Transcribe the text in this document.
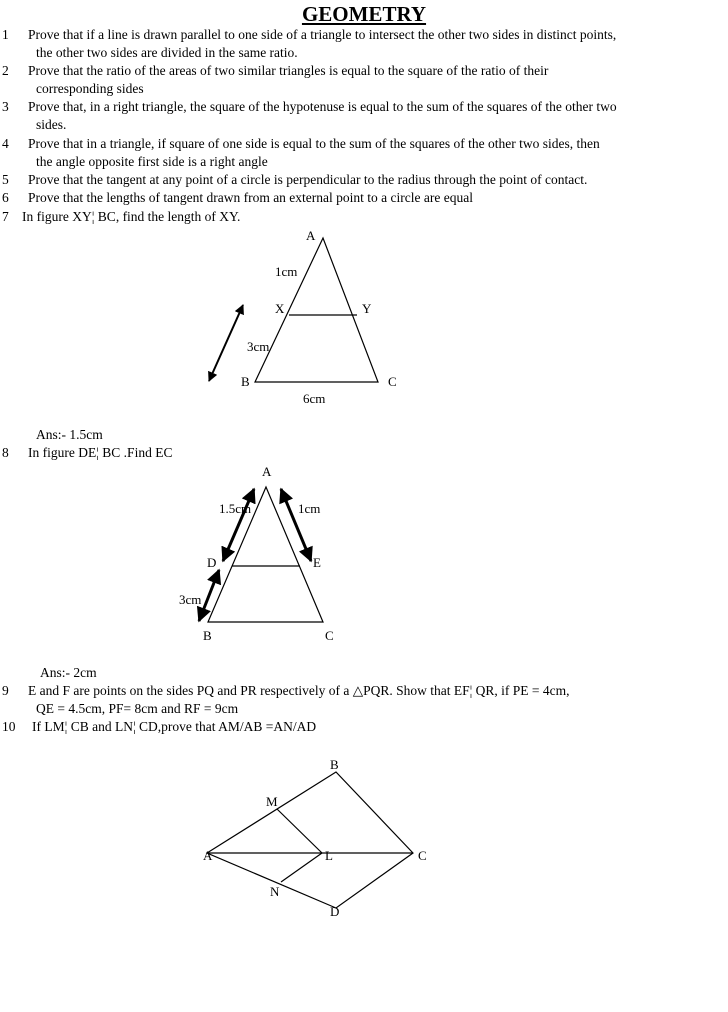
GEOMETRY
1 Prove that if a line is drawn parallel to one side of a triangle to intersect the other two sides in distinct points,
the other two sides are divided in the same ratio.
2 Prove that the ratio of the areas of two similar triangles is equal to the square of the ratio of their
corresponding sides
3 Prove that, in a right triangle, the square of the hypotenuse is equal to the sum of the squares of the other two
sides.
4 Prove that in a triangle, if square of one side is equal to the sum of the squares of the other two sides, then
the angle opposite first side is a right angle
5 Prove that the tangent at any point of a circle is perpendicular to the radius through the point of contact.
6 Prove that the lengths of tangent drawn from an external point to a circle are equal
7 In figure XY¦ BC, find the length of XY.
Ans:- 1.5cm
8 In figure DE¦ BC .Find EC
Ans:- 2cm
9 E and F are points on the sides PQ and PR respectively of a △PQR. Show that EF¦ QR, if PE = 4cm,
QE = 4.5cm, PF= 8cm and RF = 9cm
10 If LM¦ CB and LN¦ CD,prove that AM/AB =AN/AD
A
1cm
X	Y
3cm
B	C
6cm
A
1.5cm	1cm
D	E
3cm
B	C
B
M
A	L	C
N
D
